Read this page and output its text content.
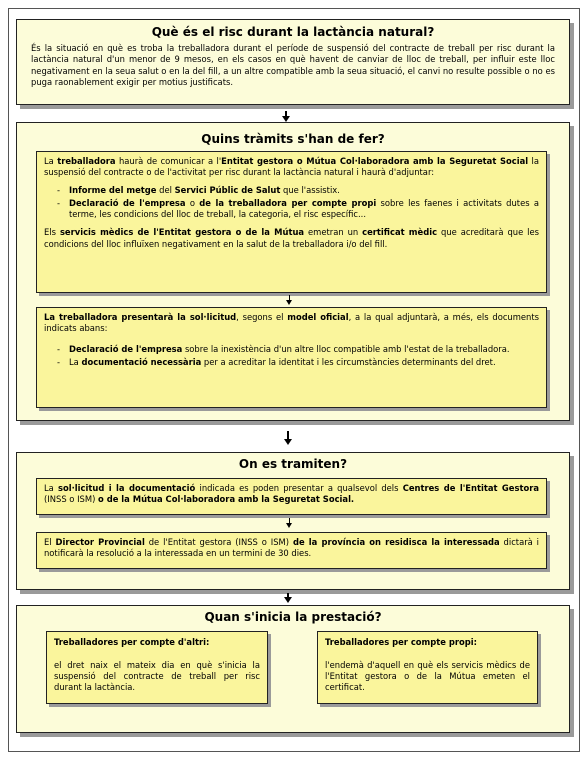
Què és el risc durant la lactància natural?
És la situació en què es troba la treballadora durant el període de suspensió del contracte de treball per risc durant la lactància natural d'un menor de 9 mesos, en els casos en què havent de canviar de lloc de treball, per influir este lloc negativament en la seua salut o en la del fill, a un altre compatible amb la seua situació, el canvi no resulte possible o no es puga raonablement exigir per motius justificats.
Quins tràmits s'han de fer?
La treballadora haurà de comunicar a l'Entitat gestora o Mútua Col·laboradora amb la Seguretat Social la suspensió del contracte o de l'activitat per risc durant la lactància natural i haurà d'adjuntar:
- Informe del metge del Servici Públic de Salut que l'assistix.
- Declaració de l'empresa o de la treballadora per compte propi sobre les faenes i activitats dutes a terme, les condicions del lloc de treball, la categoria, el risc específic...
Els servicis mèdics de l'Entitat gestora o de la Mútua emetran un certificat mèdic que acreditarà que les condicions del lloc influïxen negativament en la salut de la treballadora i/o del fill.
La treballadora presentarà la sol·licitud, segons el model oficial, a la qual adjuntarà, a més, els documents indicats abans:
- Declaració de l'empresa sobre la inexistència d'un altre lloc compatible amb l'estat de la treballadora.
- La documentació necessària per a acreditar la identitat i les circumstàncies determinants del dret.
On es tramiten?
La sol·licitud i la documentació indicada es poden presentar a qualsevol dels Centres de l'Entitat Gestora (INSS o ISM) o de la Mútua Col·laboradora amb la Seguretat Social.
El Director Provincial de l'Entitat gestora (INSS o ISM) de la província on residisca la interessada dictarà i notificarà la resolució a la interessada en un termini de 30 dies.
Quan s'inicia la prestació?
Treballadores per compte d'altri:
el dret naix el mateix dia en què s'inicia la suspensió del contracte de treball per risc durant la lactància.
Treballadores per compte propi:
l'endemà d'aquell en què els servicis mèdics de l'Entitat gestora o de la Mútua emeten el certificat.
